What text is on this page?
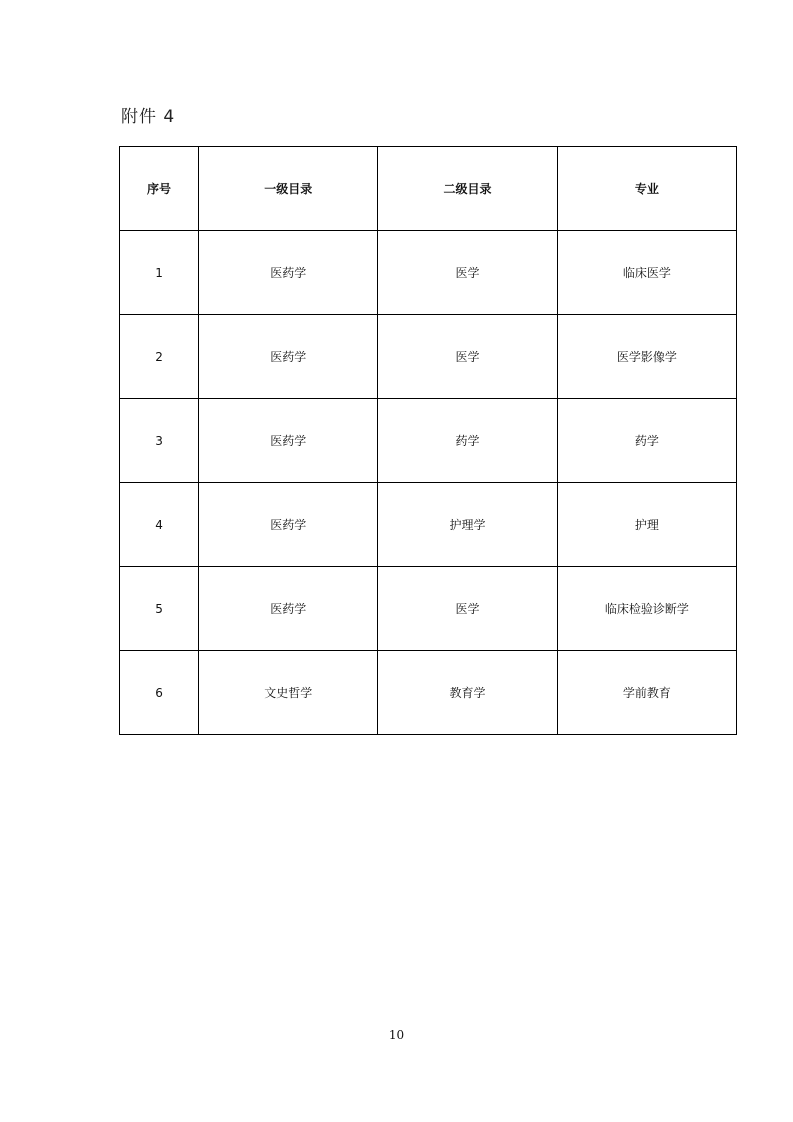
附件 4
序号	一级目录	二级目录	专业
1	医药学	医学	临床医学
2	医药学	医学	医学影像学
3	医药学	药学	药学
4	医药学	护理学	护理
5	医药学	医学	临床检验诊断学
6	文史哲学	教育学	学前教育
10
